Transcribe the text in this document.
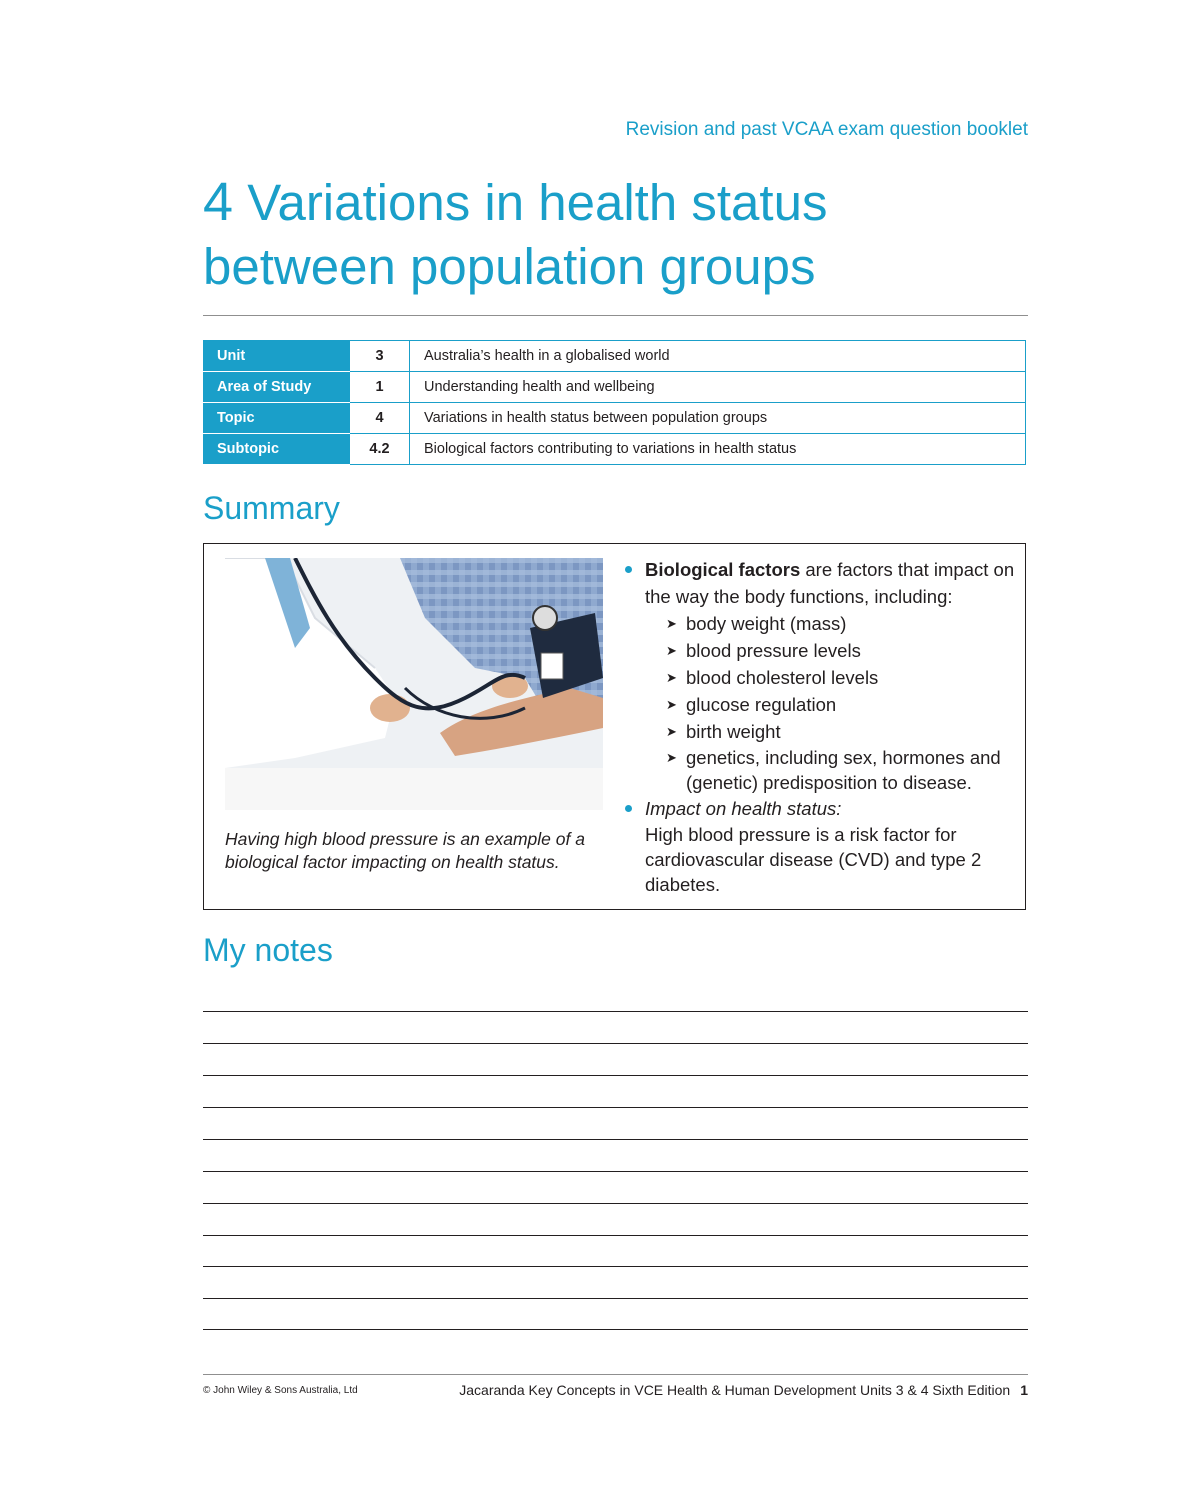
Revision and past VCAA exam question booklet
4 Variations in health status
between population groups
Unit	3	Australia’s health in a globalised world
Area of Study	1	Understanding health and wellbeing
Topic	4	Variations in health status between population groups
Subtopic	4.2	Biological factors contributing to variations in health status
Summary
Having high blood pressure is an example of a biological factor impacting on health status.
Biological factors are factors that impact on the way the body functions, including:
➤ body weight (mass)
➤ blood pressure levels
➤ blood cholesterol levels
➤ glucose regulation
➤ birth weight
➤ genetics, including sex, hormones and (genetic) predisposition to disease.
Impact on health status:
High blood pressure is a risk factor for cardiovascular disease (CVD) and type 2 diabetes.
My notes
© John Wiley & Sons Australia, Ltd	Jacaranda Key Concepts in VCE Health & Human Development Units 3 & 4 Sixth Edition 1
